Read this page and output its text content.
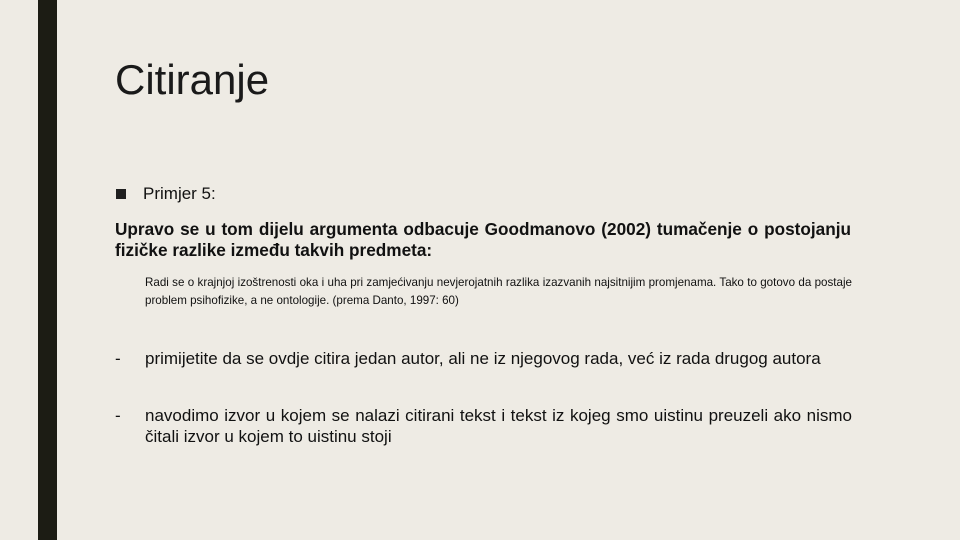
Citiranje
Primjer 5:

Upravo se u tom dijelu argumenta odbacuje Goodmanovo (2002) tumačenje o postojanju fizičke razlike između takvih predmeta:

Radi se o krajnjoj izoštrenosti oka i uha pri zamjećivanju nevjerojatnih razlika izazvanih najsitnijim promjenama. Tako to gotovo da postaje problem psihofizike, a ne ontologije. (prema Danto, 1997: 60)

- primijetite da se ovdje citira jedan autor, ali ne iz njegovog rada, već iz rada drugog autora
- navodimo izvor u kojem se nalazi citirani tekst i tekst iz kojeg smo uistinu preuzeli ako nismo čitali izvor u kojem to uistinu stoji
